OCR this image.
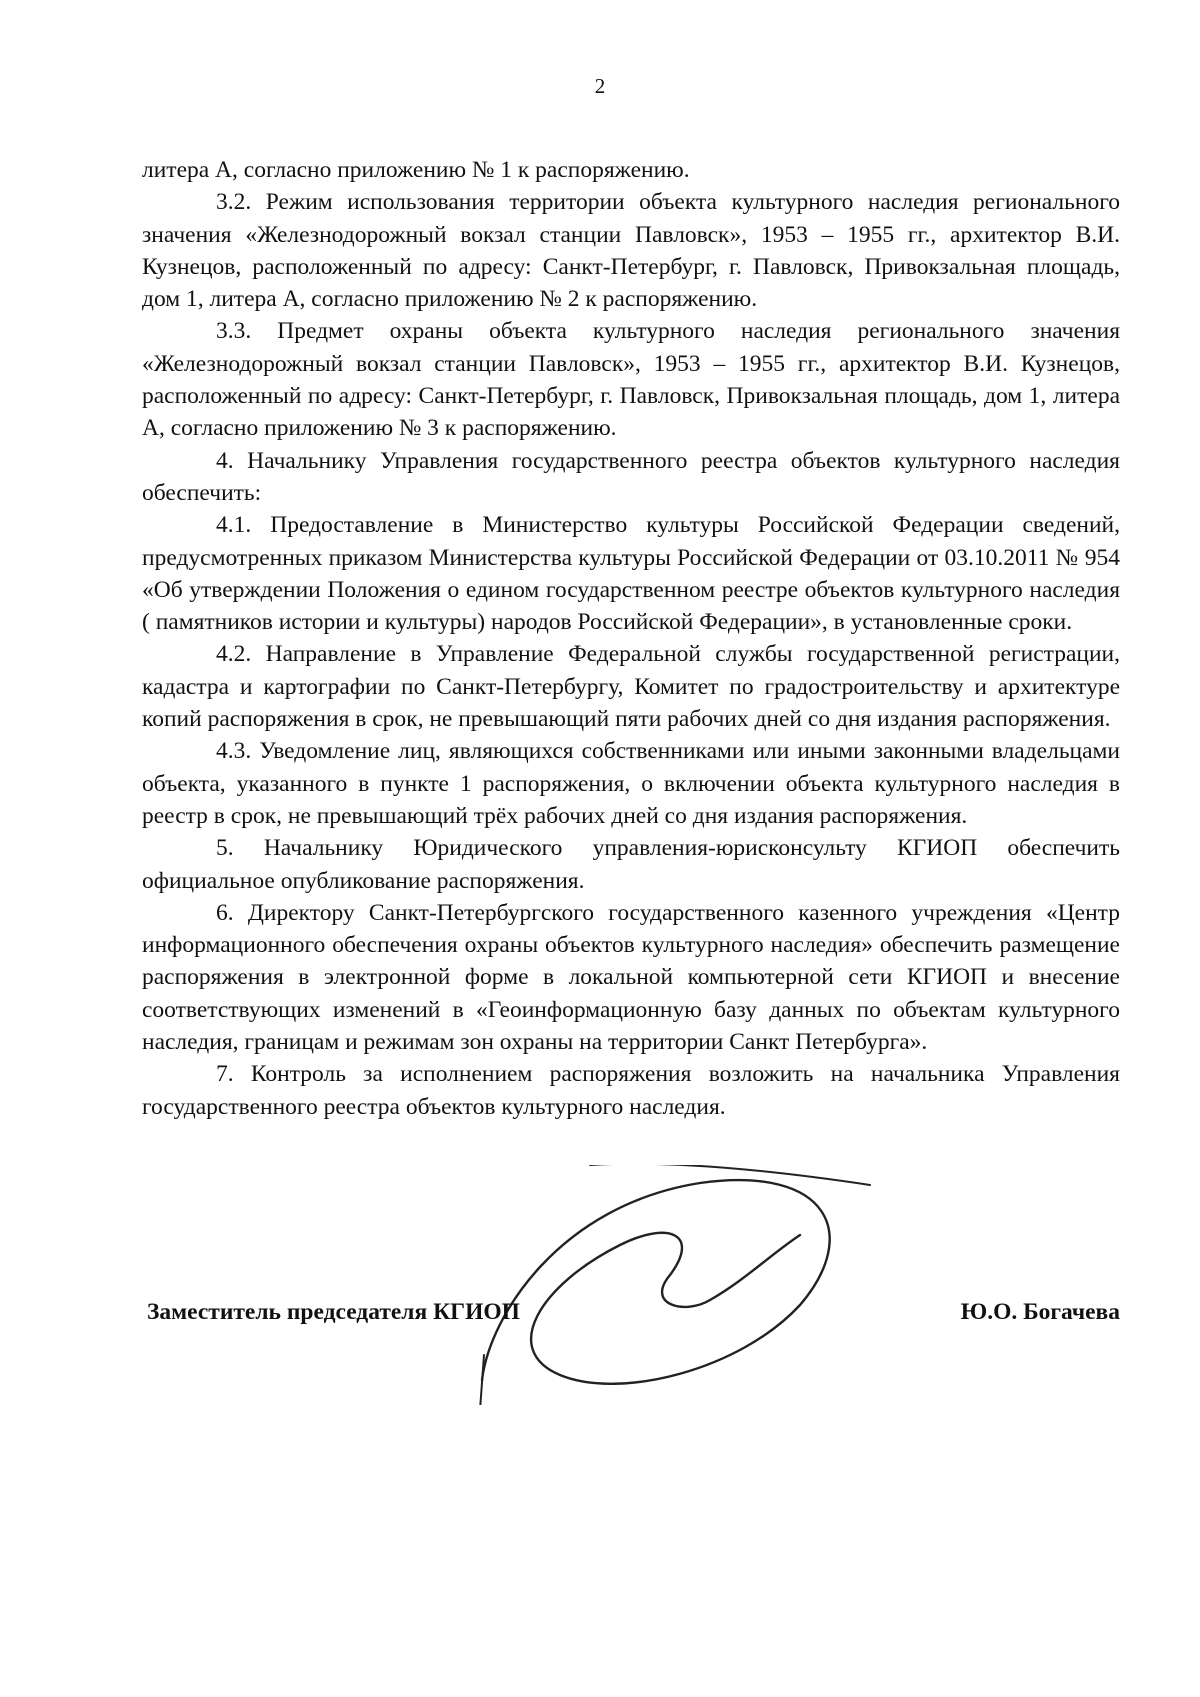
2

литера А, согласно приложению № 1 к распоряжению.

3.2. Режим использования территории объекта культурного наследия регионального значения «Железнодорожный вокзал станции Павловск», 1953 – 1955 гг., архитектор В.И. Кузнецов, расположенный по адресу: Санкт-Петербург, г. Павловск, Привокзальная площадь, дом 1, литера А, согласно приложению № 2 к распоряжению.

3.3. Предмет охраны объекта культурного наследия регионального значения «Железнодорожный вокзал станции Павловск», 1953 – 1955 гг., архитектор В.И. Кузнецов, расположенный по адресу: Санкт-Петербург, г. Павловск, Привокзальная площадь, дом 1, литера А, согласно приложению № 3 к распоряжению.

4. Начальнику Управления государственного реестра объектов культурного наследия обеспечить:

4.1. Предоставление в Министерство культуры Российской Федерации сведений, предусмотренных приказом Министерства культуры Российской Федерации от 03.10.2011 № 954 «Об утверждении Положения о едином государственном реестре объектов культурного наследия ( памятников истории и культуры) народов Российской Федерации», в установленные сроки.

4.2. Направление в Управление Федеральной службы государственной регистрации, кадастра и картографии по Санкт-Петербургу, Комитет по градостроительству и архитектуре копий распоряжения в срок, не превышающий пяти рабочих дней со дня издания распоряжения.

4.3. Уведомление лиц, являющихся собственниками или иными законными владельцами объекта, указанного в пункте 1 распоряжения, о включении объекта культурного наследия в реестр в срок, не превышающий трёх рабочих дней со дня издания распоряжения.

5. Начальнику Юридического управления-юрисконсульту КГИОП обеспечить официальное опубликование распоряжения.

6. Директору Санкт-Петербургского государственного казенного учреждения «Центр информационного обеспечения охраны объектов культурного наследия» обеспечить размещение распоряжения в электронной форме в локальной компьютерной сети КГИОП и внесение соответствующих изменений в «Геоинформационную базу данных по объектам культурного наследия, границам и режимам зон охраны на территории Санкт Петербурга».

7. Контроль за исполнением распоряжения возложить на начальника Управления государственного реестра объектов культурного наследия.

Заместитель председателя КГИОП	Ю.О. Богачева
